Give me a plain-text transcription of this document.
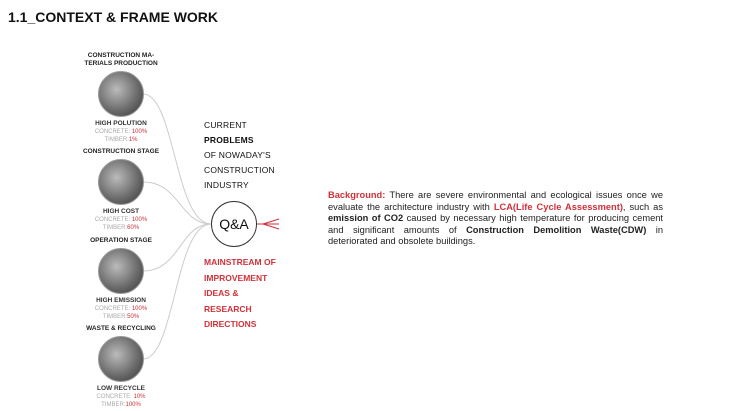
1.1_CONTEXT & FRAME WORK
CONSTRUCTION MA-TERIALS PRODUCTION
HIGH POLUTION
CONCRETE: 100%
TIMBER:1%
CONSTRUCTION STAGE
HIGH COST
CONCRETE: 100%
TIMBER:60%
OPERATION STAGE
HIGH EMISSION
CONCRETE: 100%
TIMBER:50%
WASTE & RECYCLING
LOW RECYCLE
CONCRETE: 10%
TIMBER:100%
CURRENT
PROBLEMS
OF NOWADAY'S
CONSTRUCTION
INDUSTRY
Q&A
MAINSTREAM OF
IMPROVEMENT
IDEAS &
RESEARCH
DIRECTIONS
Background: There are severe environmental and ecological issues once we evaluate the architecture industry with LCA(Life Cycle Assessment), such as emission of CO2 caused by necessary high temperature for producing cement and significant amounts of Construction Demolition Waste(CDW) in deteriorated and obsolete buildings.
